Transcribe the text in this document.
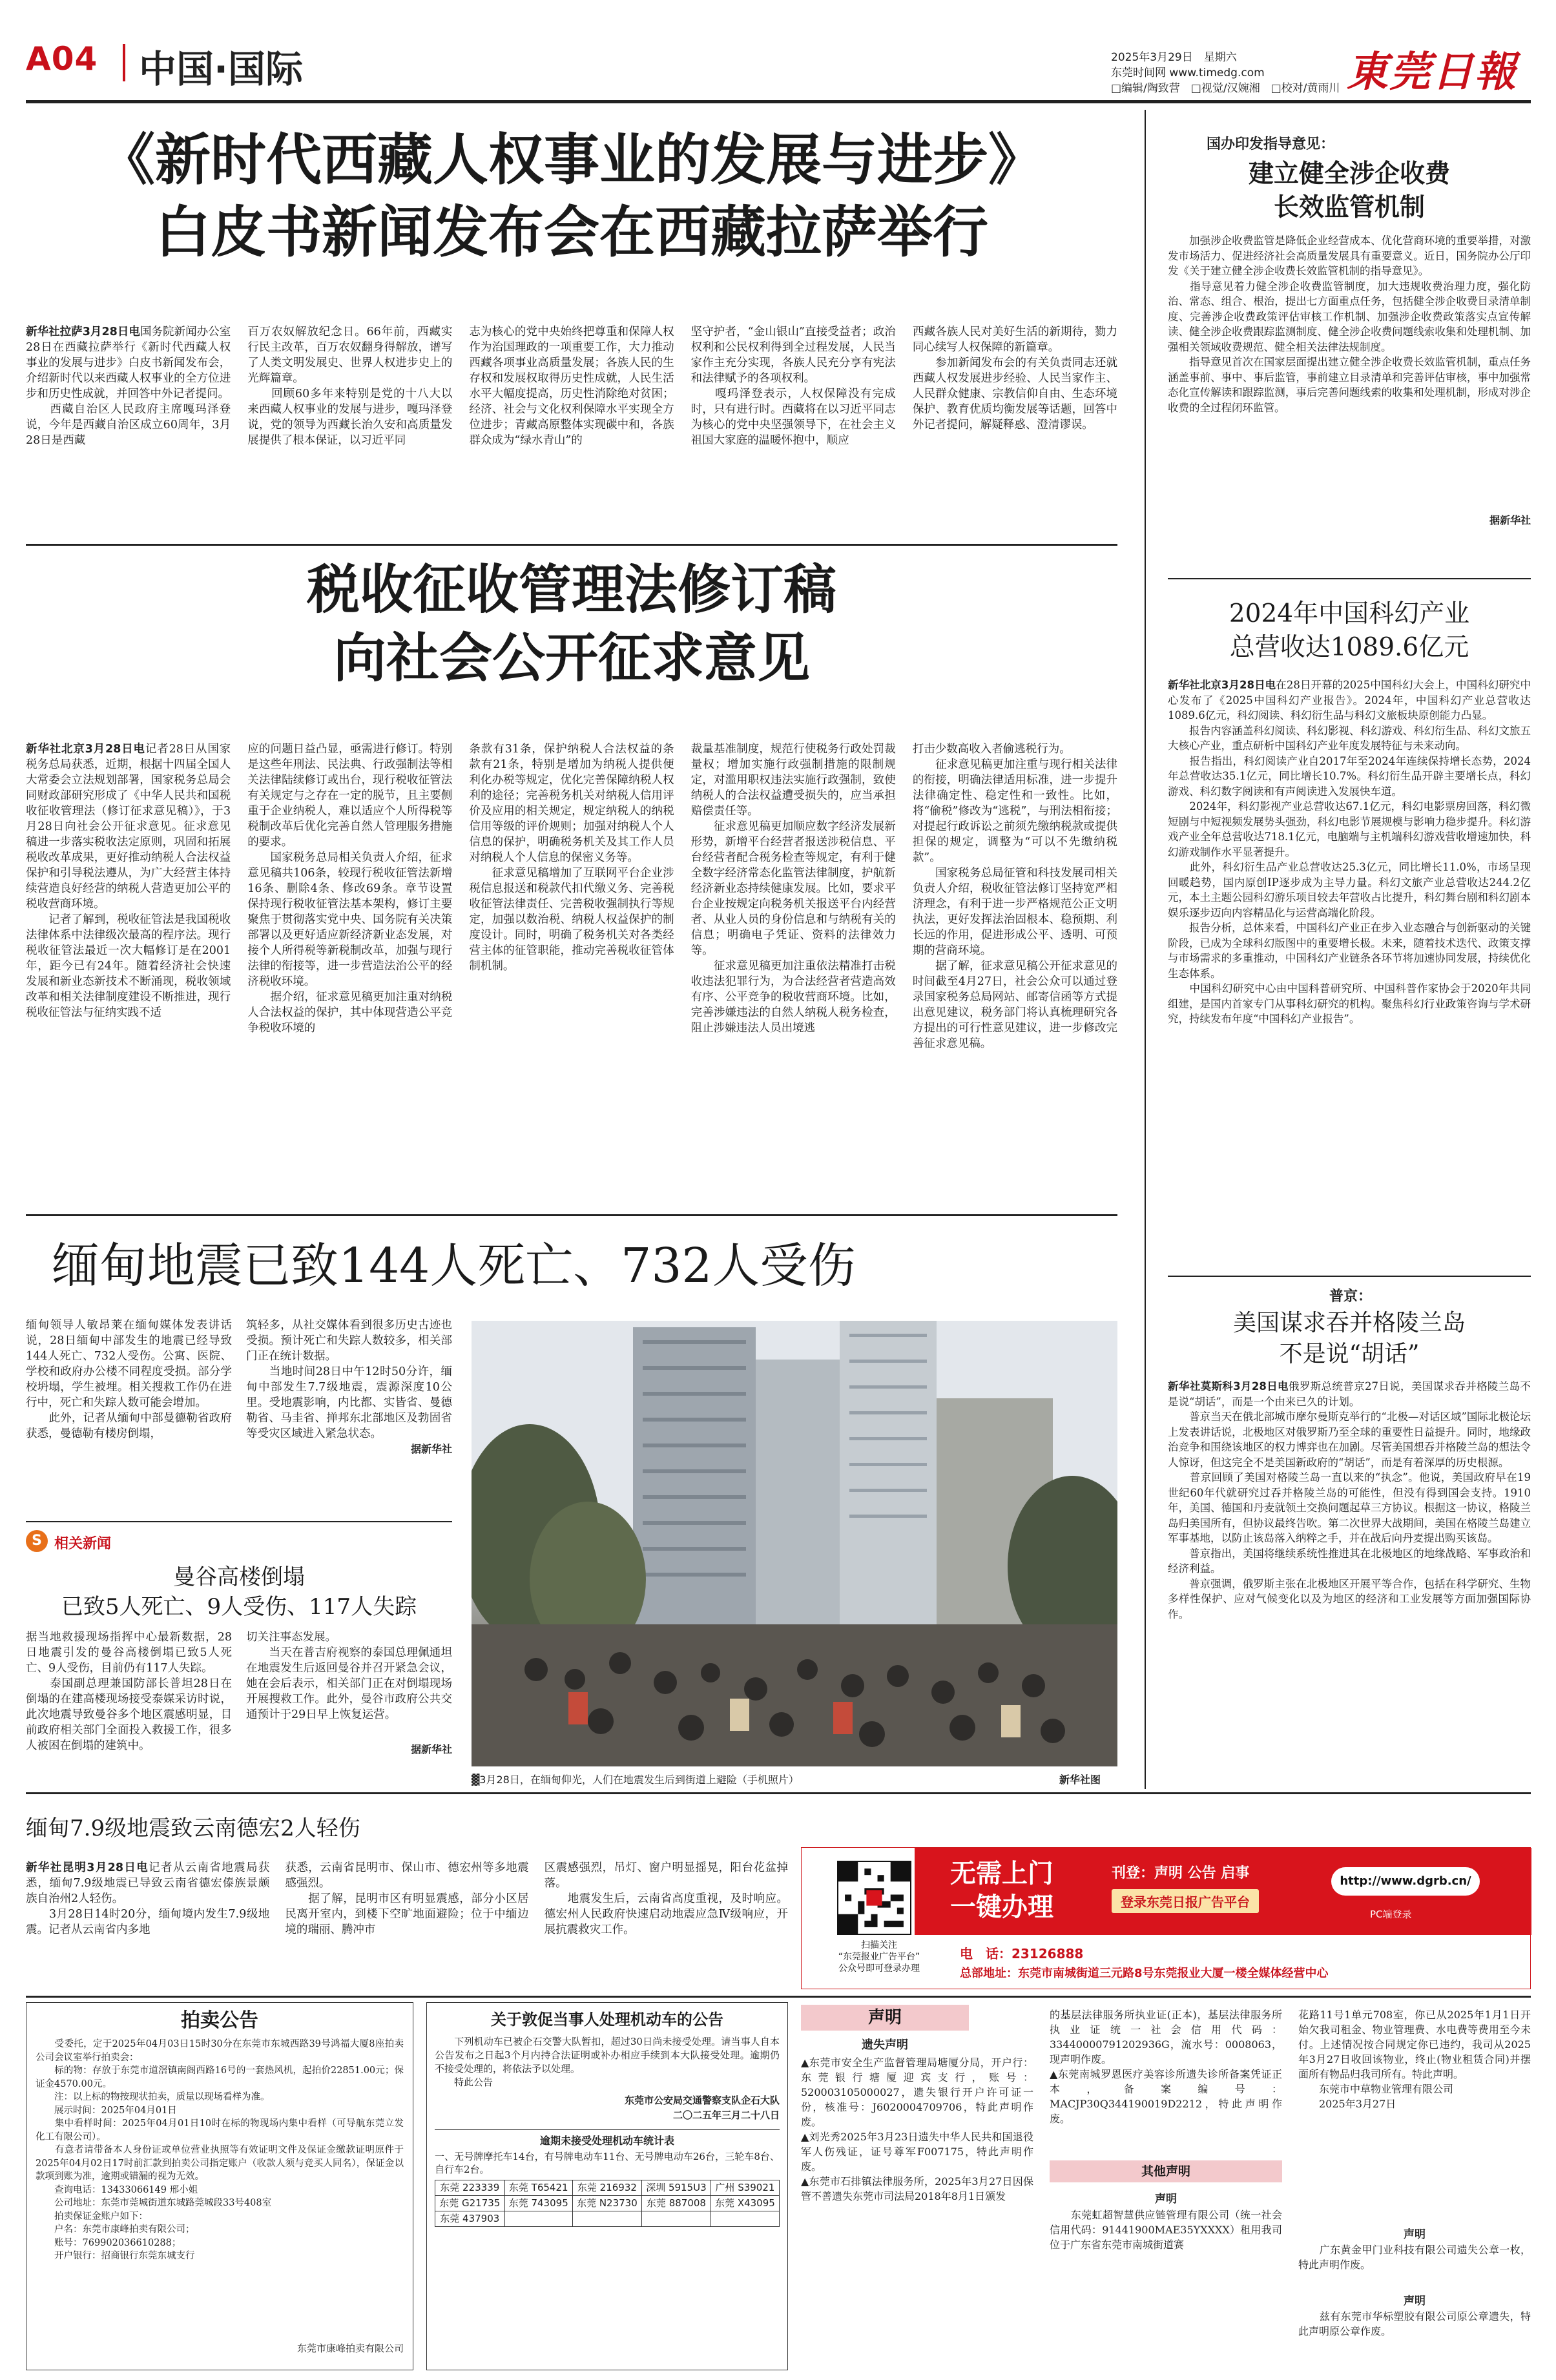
A04 中国·国际	2025年3月29日　星期六
东莞时间网 www.timedg.com
□编辑/陶致营　□视觉/汉婉湘　□校对/黄雨川 東莞日報
《新时代西藏人权事业的发展与进步》
白皮书新闻发布会在西藏拉萨举行
新华社拉萨3月28日电国务院新闻办公室28日在西藏拉萨举行《新时代西藏人权事业的发展与进步》白皮书新闻发布会，介绍新时代以来西藏人权事业的全方位进步和历史性成就，并回答中外记者提问。
　　西藏自治区人民政府主席嘎玛泽登说，今年是西藏自治区成立60周年，3月28日是西藏
百万农奴解放纪念日。66年前，西藏实行民主改革，百万农奴翻身得解放，谱写了人类文明发展史、世界人权进步史上的光辉篇章。
　　回顾60多年来特别是党的十八大以来西藏人权事业的发展与进步，嘎玛泽登说，党的领导为西藏长治久安和高质量发展提供了根本保证，以习近平同
志为核心的党中央始终把尊重和保障人权作为治国理政的一项重要工作，大力推动西藏各项事业高质量发展；各族人民的生存权和发展权取得历史性成就，人民生活水平大幅度提高，历史性消除绝对贫困；经济、社会与文化权利保障水平实现全方位进步；青藏高原整体实现碳中和，各族群众成为“绿水青山”的
坚守护者，“金山银山”直接受益者；政治权利和公民权利得到全过程发展，人民当家作主充分实现，各族人民充分享有宪法和法律赋予的各项权利。
　　嘎玛泽登表示，人权保障没有完成时，只有进行时。西藏将在以习近平同志为核心的党中央坚强领导下，在社会主义祖国大家庭的温暖怀抱中，顺应
西藏各族人民对美好生活的新期待，勠力同心续写人权保障的新篇章。
　　参加新闻发布会的有关负责同志还就西藏人权发展进步经验、人民当家作主、人民群众健康、宗教信仰自由、生态环境保护、教育优质均衡发展等话题，回答中外记者提问，解疑释惑、澄清谬误。
国办印发指导意见：
建立健全涉企收费
长效监管机制
　　加强涉企收费监管是降低企业经营成本、优化营商环境的重要举措，对激发市场活力、促进经济社会高质量发展具有重要意义。近日，国务院办公厅印发《关于建立健全涉企收费长效监管机制的指导意见》。
　　指导意见着力健全涉企收费监管制度，加大违规收费治理力度，强化防治、常态、组合、根治，提出七方面重点任务，包括健全涉企收费目录清单制度、完善涉企收费政策评估审核工作机制、加强涉企收费政策落实点宣传解读、健全涉企收费跟踪监测制度、健全涉企收费问题线索收集和处理机制、加强相关领域收费规范、健全相关法律法规制度。
　　指导意见首次在国家层面提出建立健全涉企收费长效监管机制，重点任务涵盖事前、事中、事后监管，事前建立目录清单和完善评估审核，事中加强常态化宣传解读和跟踪监测，事后完善问题线索的收集和处理机制，形成对涉企收费的全过程闭环监管。
据新华社
税收征收管理法修订稿
向社会公开征求意见
新华社北京3月28日电记者28日从国家税务总局获悉，近期，根据十四届全国人大常委会立法规划部署，国家税务总局会同财政部研究形成了《中华人民共和国税收征收管理法（修订征求意见稿）》，于3月28日向社会公开征求意见。征求意见稿进一步落实税收法定原则，巩固和拓展税收改革成果，更好推动纳税人合法权益保护和引导税法遵从，为广大经营主体持续营造良好经营的纳税人营造更加公平的税收营商环境。
　　记者了解到，税收征管法是我国税收法律体系中法律级次最高的程序法。现行税收征管法最近一次大幅修订是在2001年，距今已有24年。随着经济社会快速发展和新业态新技术不断涌现，税收领域改革和相关法律制度建设不断推进，现行税收征管法与征纳实践不适
应的问题日益凸显，亟需进行修订。特别是这些年刑法、民法典、行政强制法等相关法律陆续修订或出台，现行税收征管法有关规定与之存在一定的脱节，且主要侧重于企业纳税人，难以适应个人所得税等税制改革后优化完善自然人管理服务措施的要求。
　　国家税务总局相关负责人介绍，征求意见稿共106条，较现行税收征管法新增16条、删除4条、修改69条。章节设置保持现行税收征管法基本架构，修订主要聚焦于贯彻落实党中央、国务院有关决策部署以及更好适应新经济新业态发展，对接个人所得税等新税制改革，加强与现行法律的衔接等，进一步营造法治公平的经济税收环境。
　　据介绍，征求意见稿更加注重对纳税人合法权益的保护，其中体现营造公平竞争税收环境的
条款有31条，保护纳税人合法权益的条款有21条，特别是增加为纳税人提供便利化办税等规定，优化完善保障纳税人权利的途径；完善税务机关对纳税人信用评价及应用的相关规定，规定纳税人的纳税信用等级的评价规则；加强对纳税人个人信息的保护，明确税务机关及其工作人员对纳税人个人信息的保密义务等。
　　征求意见稿增加了互联网平台企业涉税信息报送和税款代扣代缴义务、完善税收征管法律责任、完善税收强制执行等规定，加强以数治税、纳税人权益保护的制度设计。同时，明确了税务机关对各类经营主体的征管职能，推动完善税收征管体制机制。
裁量基准制度，规范行使税务行政处罚裁量权；增加实施行政强制措施的限制规定，对滥用职权违法实施行政强制，致使纳税人的合法权益遭受损失的，应当承担赔偿责任等。
　　征求意见稿更加顺应数字经济发展新形势，新增平台经营者报送涉税信息、平台经营者配合税务检查等规定，有利于健全数字经济常态化监管法律制度，护航新经济新业态持续健康发展。比如，要求平台企业按规定向税务机关报送平台内经营者、从业人员的身份信息和与纳税有关的信息；明确电子凭证、资料的法律效力等。
　　征求意见稿更加注重依法精准打击税收违法犯罪行为，为合法经营者营造高效有序、公平竞争的税收营商环境。比如，完善涉嫌违法的自然人纳税人税务检查，阻止涉嫌违法人员出境逃
打击少数高收入者偷逃税行为。
　　征求意见稿更加注重与现行相关法律的衔接，明确法律适用标准，进一步提升法律确定性、稳定性和一致性。比如，将“偷税”修改为“逃税”，与刑法相衔接；对提起行政诉讼之前须先缴纳税款或提供担保的规定，调整为“可以不先缴纳税款”。
　　国家税务总局征管和科技发展司相关负责人介绍，税收征管法修订坚持宽严相济理念，有利于进一步严格规范公正文明执法，更好发挥法治固根本、稳预期、利长远的作用，促进形成公平、透明、可预期的营商环境。
　　据了解，征求意见稿公开征求意见的时间截至4月27日，社会公众可以通过登录国家税务总局网站、邮寄信函等方式提出意见建议，税务部门将认真梳理研究各方提出的可行性意见建议，进一步修改完善征求意见稿。
2024年中国科幻产业
总营收达1089.6亿元
新华社北京3月28日电在28日开幕的2025中国科幻大会上，中国科幻研究中心发布了《2025中国科幻产业报告》。2024年，中国科幻产业总营收达1089.6亿元，科幻阅读、科幻衍生品与科幻文旅板块原创能力凸显。
　　报告内容涵盖科幻阅读、科幻影视、科幻游戏、科幻衍生品、科幻文旅五大核心产业，重点研析中国科幻产业年度发展特征与未来动向。
　　报告指出，科幻阅读产业自2017年至2024年连续保持增长态势，2024年总营收达35.1亿元，同比增长10.7%。科幻衍生品开辟主要增长点，科幻游戏、科幻数字阅读和有声阅读进入发展快车道。
　　2024年，科幻影视产业总营收达67.1亿元，科幻电影票房回落，科幻微短剧与中短视频发展势头强劲，科幻电影节展规模与影响力稳步提升。科幻游戏产业全年总营收达718.1亿元，电脑端与主机端科幻游戏营收增速加快，科幻游戏制作水平显著提升。
　　此外，科幻衍生品产业总营收达25.3亿元，同比增长11.0%，市场呈现回暖趋势，国内原创IP逐步成为主导力量。科幻文旅产业总营收达244.2亿元，本土主题公园科幻游乐项目较去年营收占比提升，科幻舞台剧和科幻剧本娱乐逐步迈向内容精品化与运营高端化阶段。
　　报告分析，总体来看，中国科幻产业正在步入业态融合与创新驱动的关键阶段，已成为全球科幻版图中的重要增长极。未来，随着技术迭代、政策支撑与市场需求的多重推动，中国科幻产业链条各环节将加速协同发展，持续优化生态体系。
　　中国科幻研究中心由中国科普研究所、中国科普作家协会于2020年共同组建，是国内首家专门从事科幻研究的机构。聚焦科幻行业政策咨询与学术研究，持续发布年度“中国科幻产业报告”。
缅甸地震已致144人死亡、732人受伤
缅甸领导人敏昂莱在缅甸媒体发表讲话说，28日缅甸中部发生的地震已经导致144人死亡、732人受伤。公寓、医院、学校和政府办公楼不同程度受损。部分学校坍塌，学生被埋。相关搜救工作仍在进行中，死亡和失踪人数可能会增加。
　　此外，记者从缅甸中部曼德勒省政府获悉，曼德勒有楼房倒塌，
筑轻多，从社交媒体看到很多历史古迹也受损。预计死亡和失踪人数较多，相关部门正在统计数据。
　　当地时间28日中午12时50分许，缅甸中部发生7.7级地震，震源深度10公里。受地震影响，内比都、实皆省、曼德勒省、马圭省、掸邦东北部地区及勃固省等受灾区域进入紧急状态。
据新华社
S 相关新闻
曼谷高楼倒塌
已致5人死亡、9人受伤、117人失踪
据当地救援现场指挥中心最新数据，28日地震引发的曼谷高楼倒塌已致5人死亡、9人受伤，目前仍有117人失踪。
　　泰国副总理兼国防部长普坦28日在倒塌的在建高楼现场接受泰媒采访时说，此次地震导致曼谷多个地区震感明显，目前政府相关部门全面投入救援工作，很多人被困在倒塌的建筑中。
切关注事态发展。
　　当天在普吉府视察的泰国总理佩通坦在地震发生后返回曼谷并召开紧急会议，她在会后表示，相关部门正在对倒塌现场开展搜救工作。此外，曼谷市政府公共交通预计于29日早上恢复运营。
据新华社
▓3月28日，在缅甸仰光，人们在地震发生后到街道上避险（手机照片）	新华社图
普京：
美国谋求吞并格陵兰岛
不是说“胡话”
新华社莫斯科3月28日电俄罗斯总统普京27日说，美国谋求吞并格陵兰岛不是说“胡话”，而是一个由来已久的计划。
　　普京当天在俄北部城市摩尔曼斯克举行的“北极—对话区域”国际北极论坛上发表讲话说，北极地区对俄罗斯乃至全球的重要性日益提升。同时，地缘政治竞争和围绕该地区的权力博弈也在加剧。尽管美国想吞并格陵兰岛的想法令人惊讶，但这完全不是美国新政府的“胡话”，而是有着深厚的历史根源。
　　普京回顾了美国对格陵兰岛一直以来的“执念”。他说，美国政府早在19世纪60年代就研究过吞并格陵兰岛的可能性，但没有得到国会支持。1910年，美国、德国和丹麦就领土交换问题起草三方协议。根据这一协议，格陵兰岛归美国所有，但协议最终告吹。第二次世界大战期间，美国在格陵兰岛建立军事基地，以防止该岛落入纳粹之手，并在战后向丹麦提出购买该岛。
　　普京指出，美国将继续系统性推进其在北极地区的地缘战略、军事政治和经济利益。
　　普京强调，俄罗斯主张在北极地区开展平等合作，包括在科学研究、生物多样性保护、应对气候变化以及为地区的经济和工业发展等方面加强国际协作。
缅甸7.9级地震致云南德宏2人轻伤
新华社昆明3月28日电记者从云南省地震局获悉，缅甸7.9级地震已导致云南省德宏傣族景颇族自治州2人轻伤。
　　3月28日14时20分，缅甸境内发生7.9级地震。记者从云南省内多地
获悉，云南省昆明市、保山市、德宏州等多地震感强烈。
　　据了解，昆明市区有明显震感，部分小区居民离开室内，到楼下空旷地面避险；位于中缅边境的瑞丽、腾冲市
区震感强烈，吊灯、窗户明显摇晃，阳台花盆掉落。
　　地震发生后，云南省高度重视，及时响应。德宏州人民政府快速启动地震应急Ⅳ级响应，开展抗震救灾工作。
扫描关注
“东莞报业广告平台”
公众号即可登录办理
无需上门
一键办理
刊登：声明 公告 启事
登录东莞日报广告平台
http://www.dgrb.cn/
PC端登录
电　话：23126888
总部地址：东莞市南城街道三元路8号东莞报业大厦一楼全媒体经营中心
拍卖公告
　　受委托，定于2025年04月03日15时30分在东莞市东城西路39号鸿福大厦8座拍卖公司会议室举行拍卖会：
　　标的物：存放于东莞市道滘镇南阁西路16号的一套热风机，起拍价22851.00元；保证金4570.00元。
　　注：以上标的物按现状拍卖，质量以现场看样为准。
　　展示时间：2025年04月01日
　　集中看样时间：2025年04月01日10时在标的物现场内集中看样（可导航东莞立发化工有限公司）。
　　有意者请带备本人身份证或单位营业执照等有效证明文件及保证金缴款证明原件于2025年04月02日17时前汇款到拍卖公司指定账户（收款人须与竞买人同名），保证金以款项到账为准，逾期或错漏的视为无效。
　　查询电话：13433066149 邢小姐
　　公司地址：东莞市莞城街道东城路莞城段33号408室
　　拍卖保证金账户如下：
　　户名：东莞市康峰拍卖有限公司；
　　账号：769902036610288；
　　开户银行：招商银行东莞东城支行
东莞市康峰拍卖有限公司
关于敦促当事人处理机动车的公告
　　下列机动车已被企石交警大队暂扣，超过30日尚未接受处理。请当事人自本公告发布之日起3个月内持合法证明或补办相应手续到本大队接受处理。逾期仍不接受处理的，将依法予以处理。
　　特此公告
东莞市公安局交通警察支队企石大队
二〇二五年三月二十八日
逾期未接受处理机动车统计表
一、无号牌摩托车14台，有号牌电动车11台、无号牌电动车26台，三轮车8台、自行车2台。
东莞 223339	东莞 T65421	东莞 216932	深圳 5915U3	广州 S39021
东莞 G21735	东莞 743095	东莞 N23730	东莞 887008	东莞 X43095
东莞 437903				
声明
遗失声明
▲东莞市安全生产监督管理局塘厦分局，开户行：东莞银行塘厦迎宾支行，账号：520003105000027，遗失银行开户许可证一份，核准号：J6020004709706，特此声明作废。
▲刘光秀2025年3月23日遗失中华人民共和国退役军人伤残证，证号尊军F007175，特此声明作废。
▲东莞市石排镇法律服务所，2025年3月27日因保管不善遗失东莞市司法局2018年8月1日颁发
的基层法律服务所执业证(正本)，基层法律服务所执业证统一社会信用代码：33440000791202936G，流水号：0008063，现声明作废。
▲东莞南城罗恩医疗美容诊所遗失诊所备案凭证正本，备案编号：MACJP30Q344190019D2212，特此声明作废。
其他声明
声明
　　东莞虹超智慧供应链管理有限公司（统一社会信用代码：91441900MAE35YXXXX）租用我司位于广东省东莞市南城街道赛
花路11号1单元708室，你已从2025年1月1日开始欠我司租金、物业管理费、水电费等费用至今未付。上述情况按合同规定你已违约，我司从2025年3月27日收回该物业，终止(物业租赁合同)并摆面所有物品归我司所有。特此声明。
　　东莞市中草物业管理有限公司
　　2025年3月27日
声明
　　广东黄金甲门业科技有限公司遗失公章一枚，特此声明作废。
声明
　　兹有东莞市华标塑胶有限公司原公章遗失，特此声明原公章作废。
